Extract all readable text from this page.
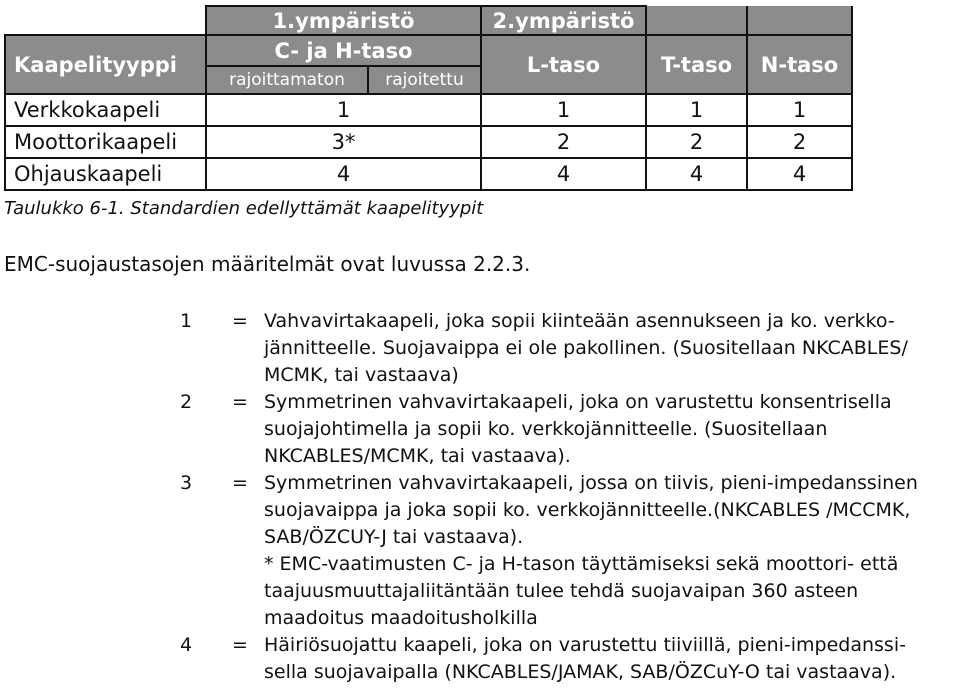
	1.ympäristö		2.ympäristö		
Kaapelityyppi	C- ja H-taso		L-taso	T-taso	N-taso
	rajoittamaton	rajoitettu			
Verkkokaapeli	1		1	1	1
Moottorikaapeli	3*		2	2	2
Ohjauskaapeli	4		4	4	4
Taulukko 6-1. Standardien edellyttämät kaapelityypit
EMC-suojaustasojen määritelmät ovat luvussa 2.2.3.
1	= Vahvavirtakaapeli, joka sopii kiinteään asennukseen ja ko. verkko-

jännitteelle. Suojavaippa ei ole pakollinen. (Suositellaan NKCABLES/

MCMK, tai vastaava)

2	= Symmetrinen vahvavirtakaapeli, joka on varustettu konsentrisella

suojajohtimella ja sopii ko. verkkojännitteelle. (Suositellaan

NKCABLES/MCMK, tai vastaava).

3	= Symmetrinen vahvavirtakaapeli, jossa on tiivis, pieni-impedanssinen

suojavaippa ja joka sopii ko. verkkojännitteelle.(NKCABLES /MCCMK,

SAB/ÖZCUY-J tai vastaava).

* EMC-vaatimusten C- ja H-tason täyttämiseksi sekä moottori- että

taajuusmuuttajaliitäntään tulee tehdä suojavaipan 360 asteen

maadoitus maadoitusholkilla

4	= Häiriösuojattu kaapeli, joka on varustettu tiiviillä, pieni-impedanssi-

sella suojavaipalla (NKCABLES/JAMAK, SAB/ÖZCuY-O tai vastaava).
